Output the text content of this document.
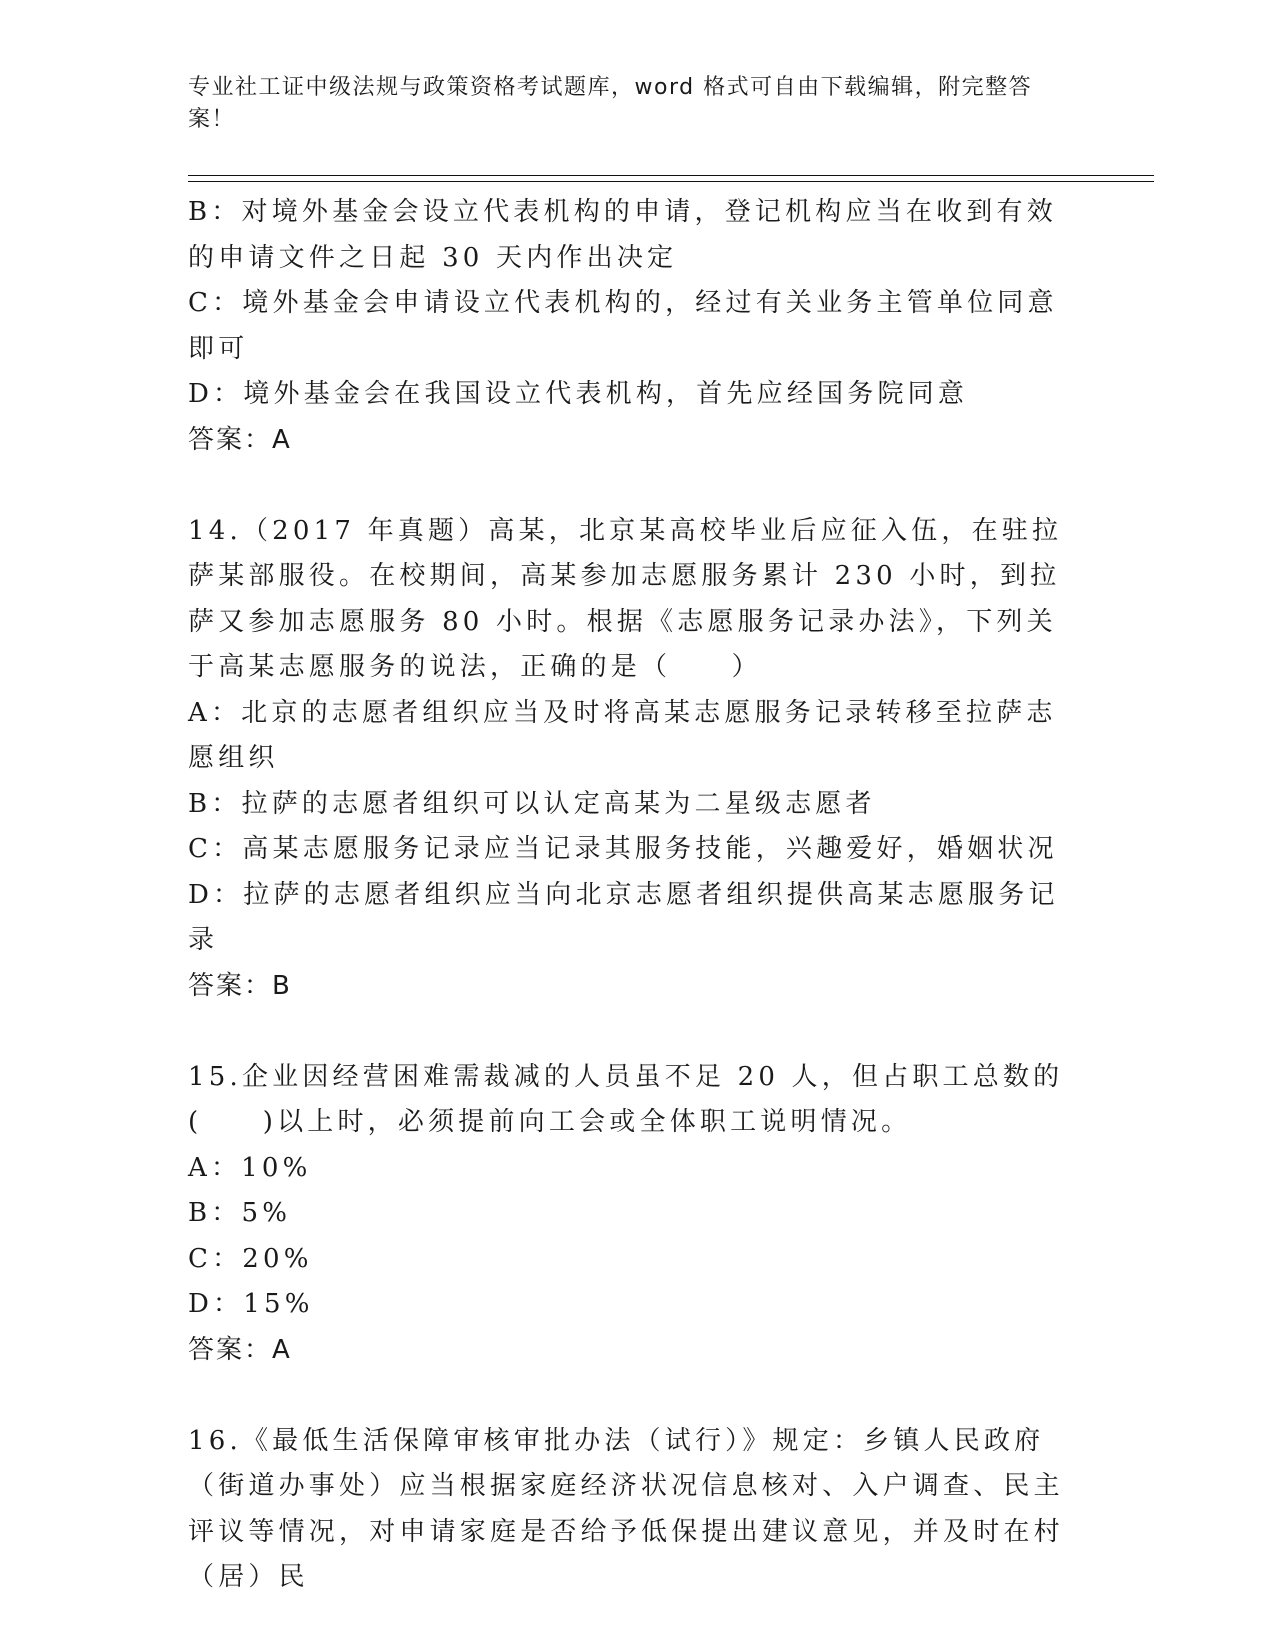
专业社工证中级法规与政策资格考试题库，word 格式可自由下载编辑，附完整答案！

B：对境外基金会设立代表机构的申请，登记机构应当在收到有效的申请文件之日起 30 天内作出决定

C：境外基金会申请设立代表机构的，经过有关业务主管单位同意即可

D：境外基金会在我国设立代表机构，首先应经国务院同意

答案：A

14.（2017 年真题）高某，北京某高校毕业后应征入伍，在驻拉萨某部服役。在校期间，高某参加志愿服务累计 230 小时，到拉萨又参加志愿服务 80 小时。根据《志愿服务记录办法》，下列关于高某志愿服务的说法，正确的是（　　）

A：北京的志愿者组织应当及时将高某志愿服务记录转移至拉萨志愿组织

B：拉萨的志愿者组织可以认定高某为二星级志愿者

C：高某志愿服务记录应当记录其服务技能，兴趣爱好，婚姻状况

D：拉萨的志愿者组织应当向北京志愿者组织提供高某志愿服务记录

答案：B

15.企业因经营困难需裁减的人员虽不足 20 人，但占职工总数的(　　)以上时，必须提前向工会或全体职工说明情况。

A：10%

B：5%

C：20%

D：15%

答案：A

16.《最低生活保障审核审批办法（试行）》规定：乡镇人民政府（街道办事处）应当根据家庭经济状况信息核对、入户调查、民主评议等情况，对申请家庭是否给予低保提出建议意见，并及时在村（居）民
